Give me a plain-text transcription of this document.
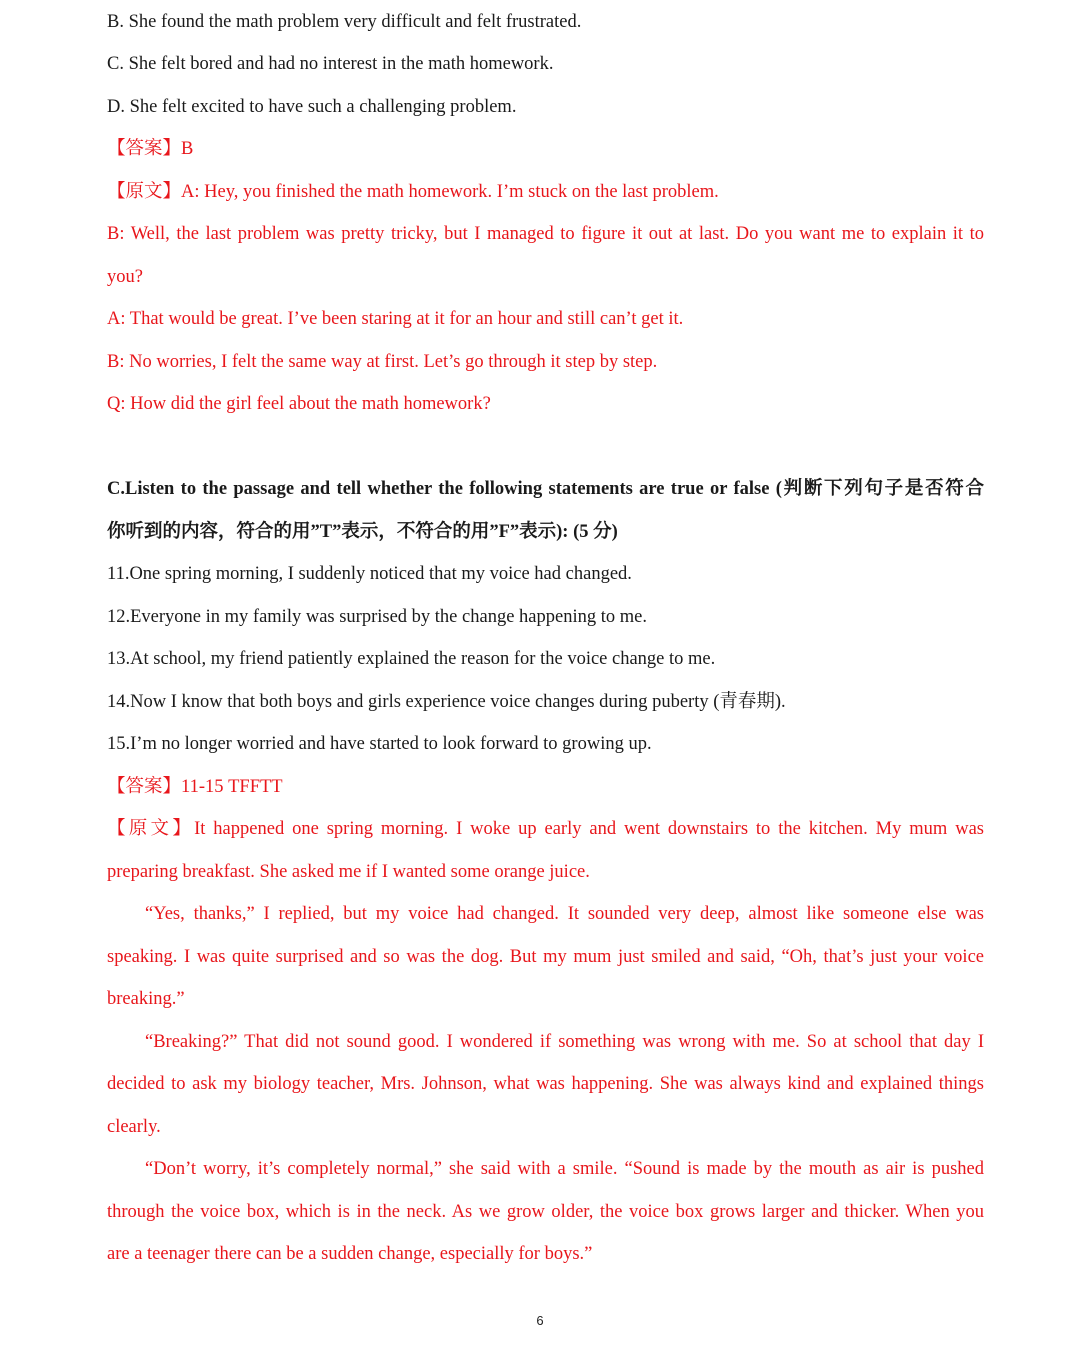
B. She found the math problem very difficult and felt frustrated.
C. She felt bored and had no interest in the math homework.
D. She felt excited to have such a challenging problem.
【答案】B
【原文】A: Hey, you finished the math homework. I’m stuck on the last problem.
B: Well, the last problem was pretty tricky, but I managed to figure it out at last. Do you want me to explain it to
you?
A: That would be great. I’ve been staring at it for an hour and still can’t get it.
B: No worries, I felt the same way at first. Let’s go through it step by step.
Q: How did the girl feel about the math homework?
C.Listen to the passage and tell whether the following statements are true or false (判断下列句子是否符合
你听到的内容，符合的用”T”表示，不符合的用”F”表示): (5 分)
11.One spring morning, I suddenly noticed that my voice had changed.
12.Everyone in my family was surprised by the change happening to me.
13.At school, my friend patiently explained the reason for the voice change to me.
14.Now I know that both boys and girls experience voice changes during puberty (青春期).
15.I’m no longer worried and have started to look forward to growing up.
【答案】11-15 TFFTT
【原文】It happened one spring morning. I woke up early and went downstairs to the kitchen. My mum was
preparing breakfast. She asked me if I wanted some orange juice.
“Yes, thanks,” I replied, but my voice had changed. It sounded very deep, almost like someone else was
speaking. I was quite surprised and so was the dog. But my mum just smiled and said, “Oh, that’s just your voice
breaking.”
“Breaking?” That did not sound good. I wondered if something was wrong with me. So at school that day I
decided to ask my biology teacher, Mrs. Johnson, what was happening. She was always kind and explained things
clearly.
“Don’t worry, it’s completely normal,” she said with a smile. “Sound is made by the mouth as air is pushed
through the voice box, which is in the neck. As we grow older, the voice box grows larger and thicker. When you
are a teenager there can be a sudden change, especially for boys.”
6
